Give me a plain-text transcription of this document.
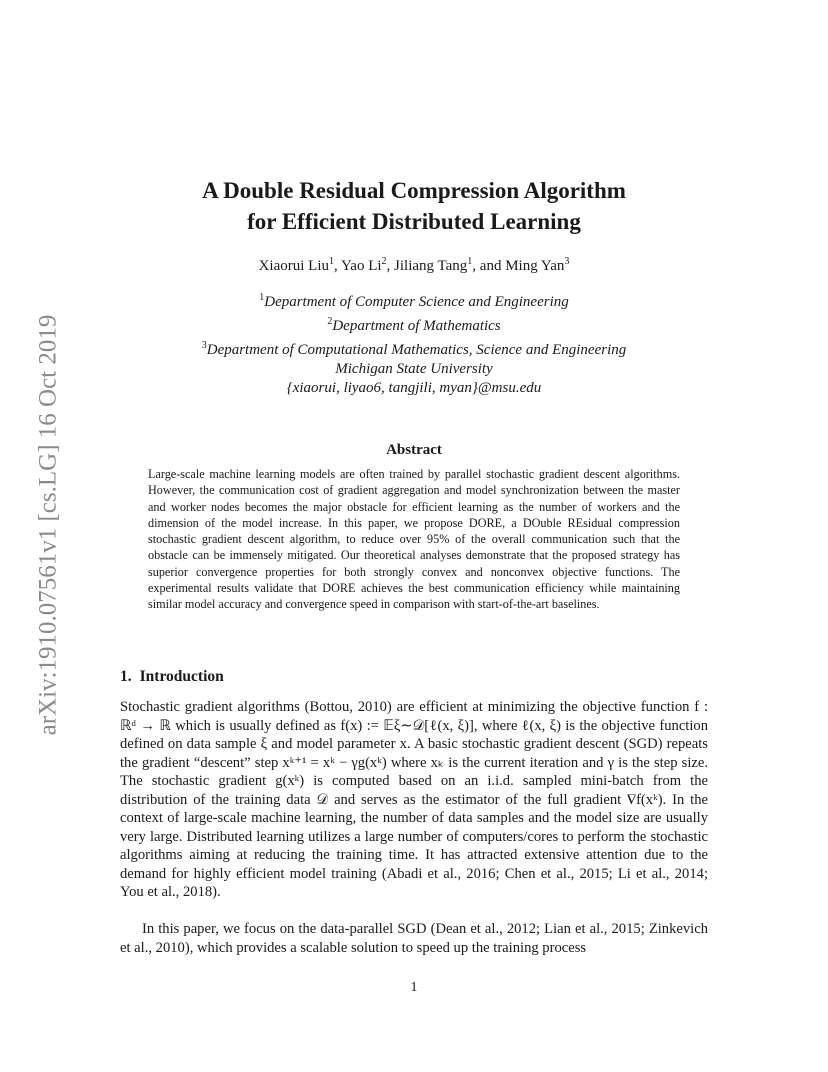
arXiv:1910.07561v1 [cs.LG] 16 Oct 2019
A Double Residual Compression Algorithm
for Efficient Distributed Learning
Xiaorui Liu$^1$, Yao Li$^2$, Jiliang Tang$^1$, and Ming Yan$^3$
$^1$Department of Computer Science and Engineering
$^2$Department of Mathematics
$^3$Department of Computational Mathematics, Science and Engineering
Michigan State University
{xiaorui, liyao6, tangjili, myan}@msu.edu
Abstract
Large-scale machine learning models are often trained by parallel stochastic gradient descent algorithms. However, the communication cost of gradient aggregation and model synchronization between the master and worker nodes becomes the major obstacle for efficient learning as the number of workers and the dimension of the model increase. In this paper, we propose DORE, a DOuble REsidual compression stochastic gradient descent algorithm, to reduce over 95% of the overall communication such that the obstacle can be immensely mitigated. Our theoretical analyses demonstrate that the proposed strategy has superior convergence properties for both strongly convex and nonconvex objective functions. The experimental results validate that DORE achieves the best communication efficiency while maintaining similar model accuracy and convergence speed in comparison with start-of-the-art baselines.
1. Introduction
Stochastic gradient algorithms (Bottou, 2010) are efficient at minimizing the objective function f : ℝᵈ → ℝ which is usually defined as f(x) := 𝔼ξ∼𝒟[ℓ(x, ξ)], where ℓ(x, ξ) is the objective function defined on data sample ξ and model parameter x. A basic stochastic gradient descent (SGD) repeats the gradient “descent” step xᵏ⁺¹ = xᵏ − γg(xᵏ) where xₖ is the current iteration and γ is the step size. The stochastic gradient g(xᵏ) is computed based on an i.i.d. sampled mini-batch from the distribution of the training data 𝒟 and serves as the estimator of the full gradient ∇f(xᵏ). In the context of large-scale machine learning, the number of data samples and the model size are usually very large. Distributed learning utilizes a large number of computers/cores to perform the stochastic algorithms aiming at reducing the training time. It has attracted extensive attention due to the demand for highly efficient model training (Abadi et al., 2016; Chen et al., 2015; Li et al., 2014; You et al., 2018).
In this paper, we focus on the data-parallel SGD (Dean et al., 2012; Lian et al., 2015; Zinkevich et al., 2010), which provides a scalable solution to speed up the training process
1
